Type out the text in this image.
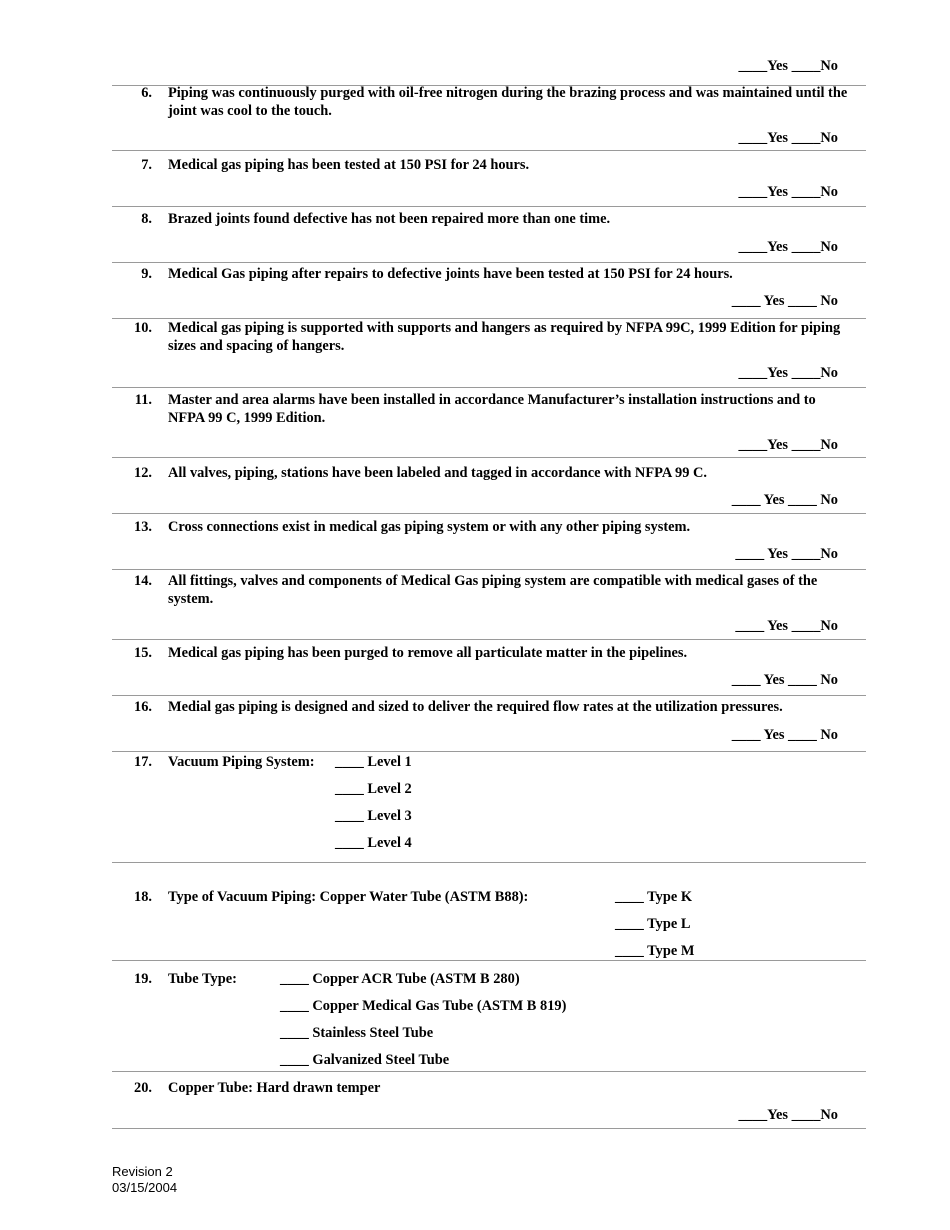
____Yes ____No
6. Piping was continuously purged with oil-free nitrogen during the brazing process and was maintained until the joint was cool to the touch.
____Yes ____No
7. Medical gas piping has been tested at 150 PSI for 24 hours.
____Yes ____No
8. Brazed joints found defective has not been repaired more than one time.
____Yes ____No
9. Medical Gas piping after repairs to defective joints have been tested at 150 PSI for 24 hours.
____ Yes ____ No
10. Medical gas piping is supported with supports and hangers as required by NFPA 99C, 1999 Edition for piping sizes and spacing of hangers.
____Yes ____No
11. Master and area alarms have been installed in accordance Manufacturer’s installation instructions and to NFPA 99 C, 1999 Edition.
____Yes ____No
12. All valves, piping, stations have been labeled and tagged in accordance with NFPA 99 C.
____ Yes ____ No
13. Cross connections exist in medical gas piping system or with any other piping system.
____ Yes ____No
14. All fittings, valves and components of Medical Gas piping system are compatible with medical gases of the system.
____ Yes ____No
15. Medical gas piping has been purged to remove all particulate matter in the pipelines.
____ Yes ____ No
16. Medial gas piping is designed and sized to deliver the required flow rates at the utilization pressures.
____ Yes ____ No
17. Vacuum Piping System: ____ Level 1
____ Level 2
____ Level 3
____ Level 4
18. Type of Vacuum Piping: Copper Water Tube (ASTM B88):	____ Type K
____ Type L
____ Type M
19. Tube Type:	____ Copper ACR Tube (ASTM B 280)
____ Copper Medical Gas Tube (ASTM B 819)
____ Stainless Steel Tube
____ Galvanized Steel Tube
20. Copper Tube: Hard drawn temper
____Yes ____No
Revision 2
03/15/2004
